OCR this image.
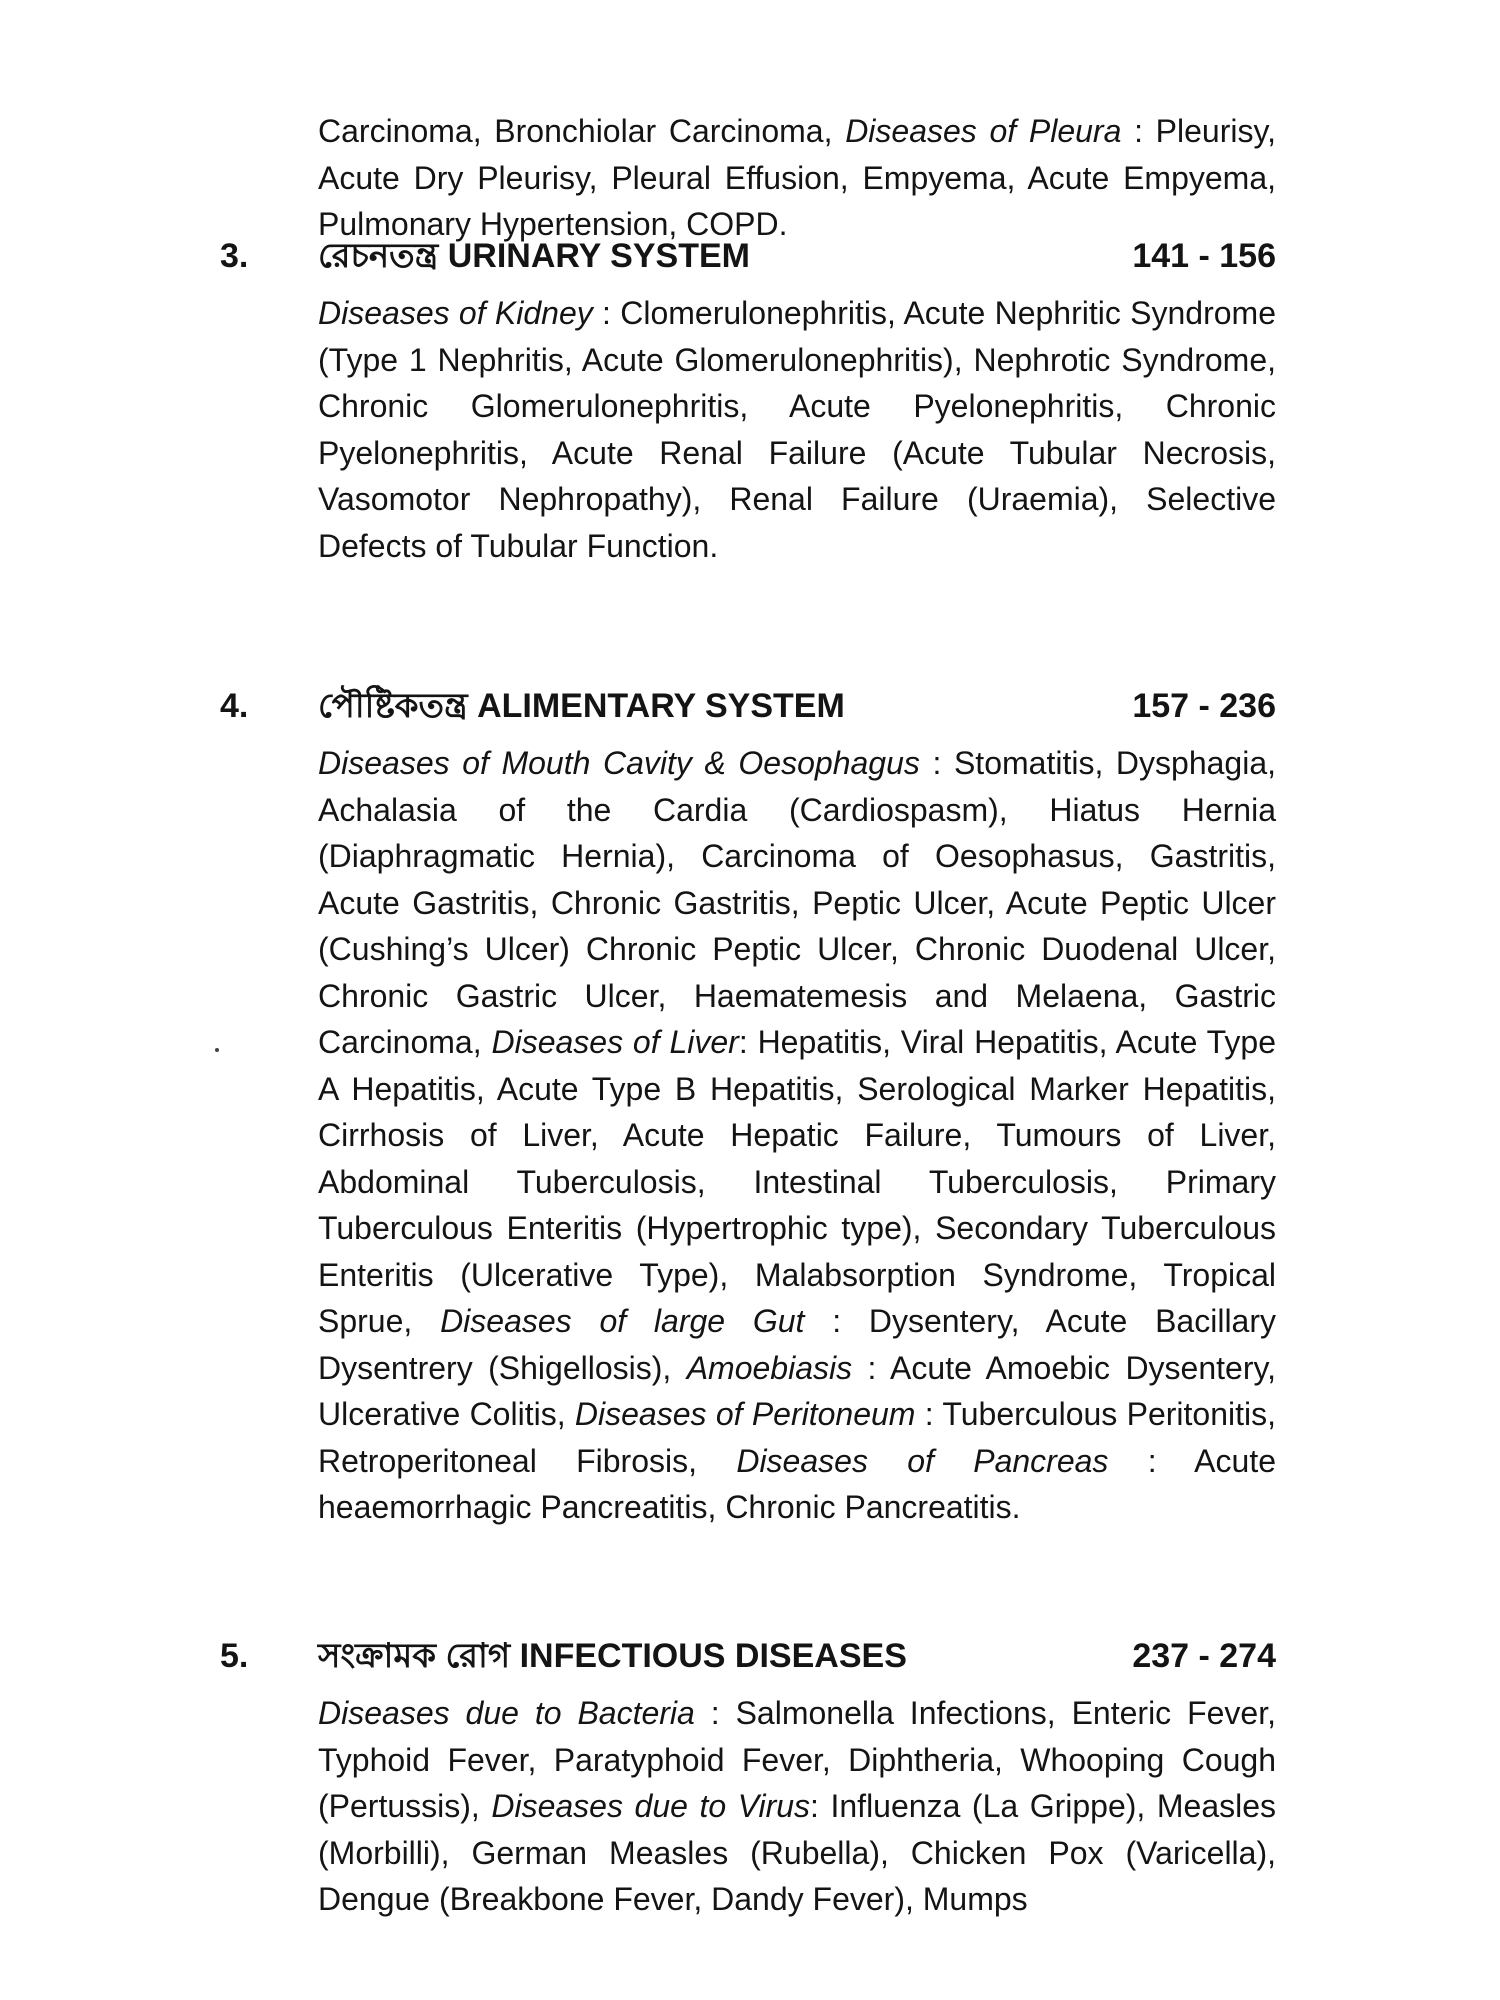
Carcinoma, Bronchiolar Carcinoma, Diseases of Pleura : Pleurisy, Acute Dry Pleurisy, Pleural Effusion, Empyema, Acute Empyema, Pulmonary Hypertension, COPD.
3. রেচনতন্ত্র URINARY SYSTEM	141 - 156
Diseases of Kidney : Clomerulonephritis, Acute Nephritic Syndrome (Type 1 Nephritis, Acute Glomerulonephritis), Nephrotic Syndrome, Chronic Glomerulonephritis, Acute Pyelonephritis, Chronic Pyelonephritis, Acute Renal Failure (Acute Tubular Necrosis, Vasomotor Nephropathy), Renal Failure (Uraemia), Selective Defects of Tubular Function.
4. পৌষ্টিকতন্ত্র ALIMENTARY SYSTEM	157 - 236
Diseases of Mouth Cavity & Oesophagus : Stomatitis, Dysphagia, Achalasia of the Cardia (Cardiospasm), Hiatus Hernia (Diaphragmatic Hernia), Carcinoma of Oesophasus, Gastritis, Acute Gastritis, Chronic Gastritis, Peptic Ulcer, Acute Peptic Ulcer (Cushing’s Ulcer) Chronic Peptic Ulcer, Chronic Duodenal Ulcer, Chronic Gastric Ulcer, Haematemesis and Melaena, Gastric Carcinoma, Diseases of Liver: Hepatitis, Viral Hepatitis, Acute Type A Hepatitis, Acute Type B Hepatitis, Serological Marker Hepatitis, Cirrhosis of Liver, Acute Hepatic Failure, Tumours of Liver, Abdominal Tuberculosis, Intestinal Tuberculosis, Primary Tuberculous Enteritis (Hypertrophic type), Secondary Tuberculous Enteritis (Ulcerative Type), Malabsorption Syndrome, Tropical Sprue, Diseases of large Gut : Dysentery, Acute Bacillary Dysentrery (Shigellosis), Amoebiasis : Acute Amoebic Dysentery, Ulcerative Colitis, Diseases of Peritoneum : Tuberculous Peritonitis, Retroperitoneal Fibrosis, Diseases of Pancreas : Acute heaemorrhagic Pancreatitis, Chronic Pancreatitis.
5. সংক্রামক রোগ INFECTIOUS DISEASES	237 - 274
Diseases due to Bacteria : Salmonella Infections, Enteric Fever, Typhoid Fever, Paratyphoid Fever, Diphtheria, Whooping Cough (Pertussis), Diseases due to Virus: Influenza (La Grippe), Measles (Morbilli), German Measles (Rubella), Chicken Pox (Varicella), Dengue (Breakbone Fever, Dandy Fever), Mumps
